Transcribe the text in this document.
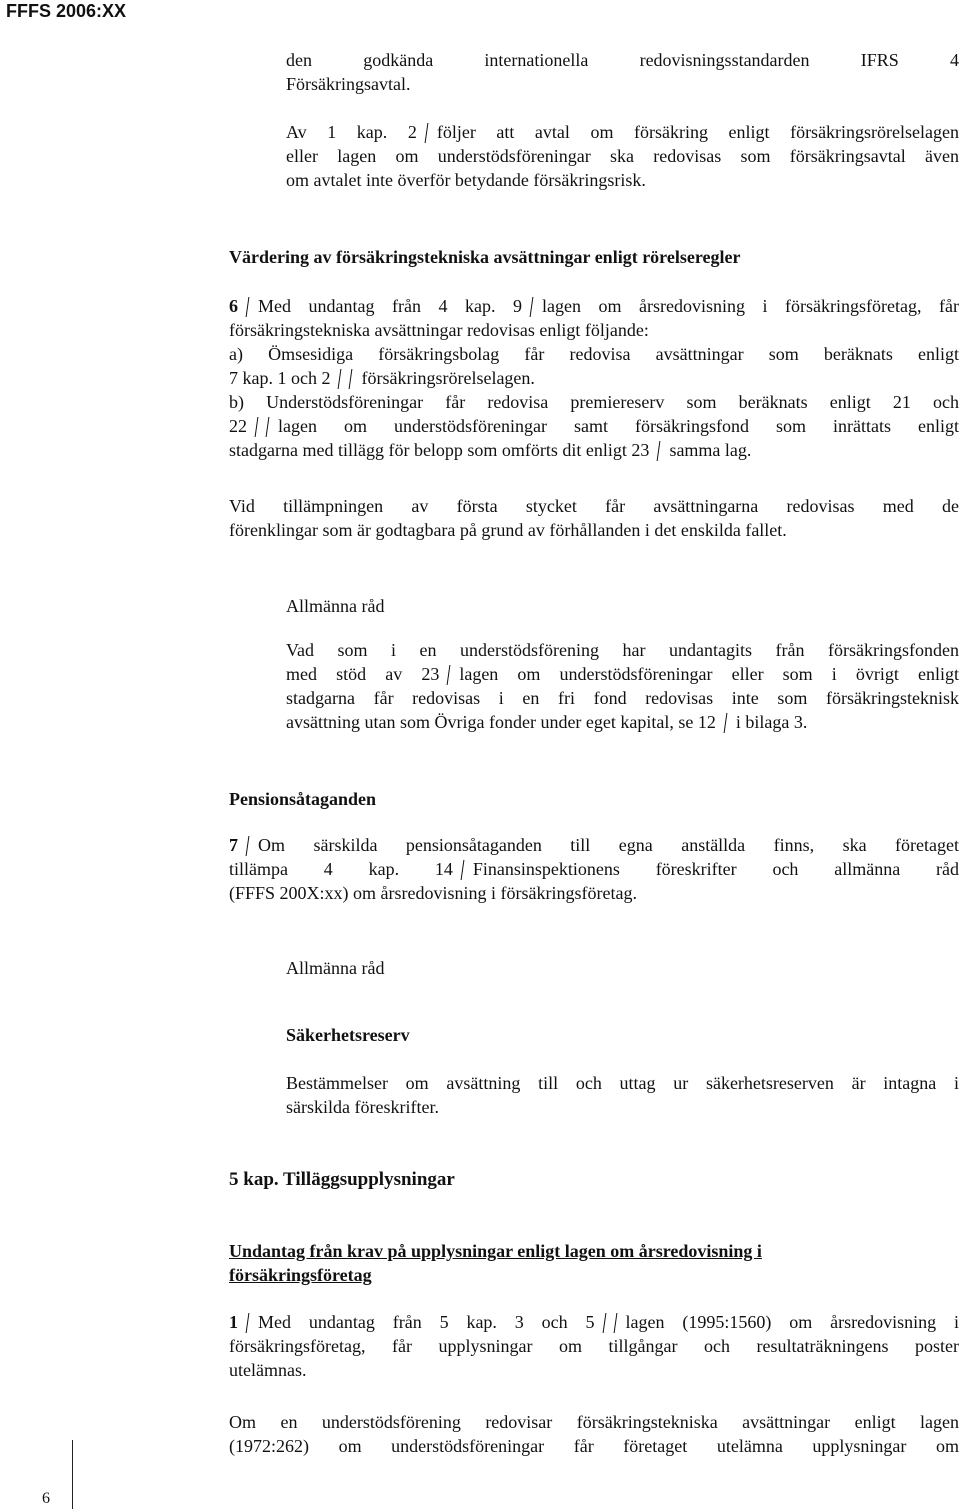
FFFS 2006:XX

den godkända internationella redovisningsstandarden IFRS 4
Försäkringsavtal.

Av 1 kap. 2 följer att avtal om försäkring enligt försäkringsrörelselagen
eller lagen om understödsföreningar ska redovisas som försäkringsavtal även
om avtalet inte överför betydande försäkringsrisk.

Värdering av försäkringstekniska avsättningar enligt rörelseregler
6 Med undantag från 4 kap. 9 lagen om årsredovisning i försäkringsföretag, får
försäkringstekniska avsättningar redovisas enligt följande:
a) Ömsesidiga försäkringsbolag får redovisa avsättningar som beräknats enligt
7 kap. 1 och 2 försäkringsrörelselagen.
b) Understödsföreningar får redovisa premiereserv som beräknats enligt 21 och
22 lagen om understödsföreningar samt försäkringsfond som inrättats enligt
stadgarna med tillägg för belopp som omförts dit enligt 23 samma lag.

Vid tillämpningen av första stycket får avsättningarna redovisas med de
förenklingar som är godtagbara på grund av förhållanden i det enskilda fallet.

Allmänna råd
Vad som i en understödsförening har undantagits från försäkringsfonden
med stöd av 23 lagen om understödsföreningar eller som i övrigt enligt
stadgarna får redovisas i en fri fond redovisas inte som försäkringsteknisk
avsättning utan som Övriga fonder under eget kapital, se 12 i bilaga 3.
Pensionsåtaganden
7 Om särskilda pensionsåtaganden till egna anställda finns, ska företaget
tillämpa 4 kap. 14 Finansinspektionens föreskrifter och allmänna råd
(FFFS 200X:xx) om årsredovisning i försäkringsföretag.
Allmänna råd
Säkerhetsreserv

Bestämmelser om avsättning till och uttag ur säkerhetsreserven är intagna i
särskilda föreskrifter.

5 kap. Tilläggsupplysningar
Undantag från krav på upplysningar enligt lagen om årsredovisning i
försäkringsföretag
1 Med undantag från 5 kap. 3 och 5 lagen (1995:1560) om årsredovisning i
försäkringsföretag, får upplysningar om tillgångar och resultaträkningens poster
utelämnas.

Om en understödsförening redovisar försäkringstekniska avsättningar enligt lagen
(1972:262) om understödsföreningar får företaget utelämna upplysningar om

6
